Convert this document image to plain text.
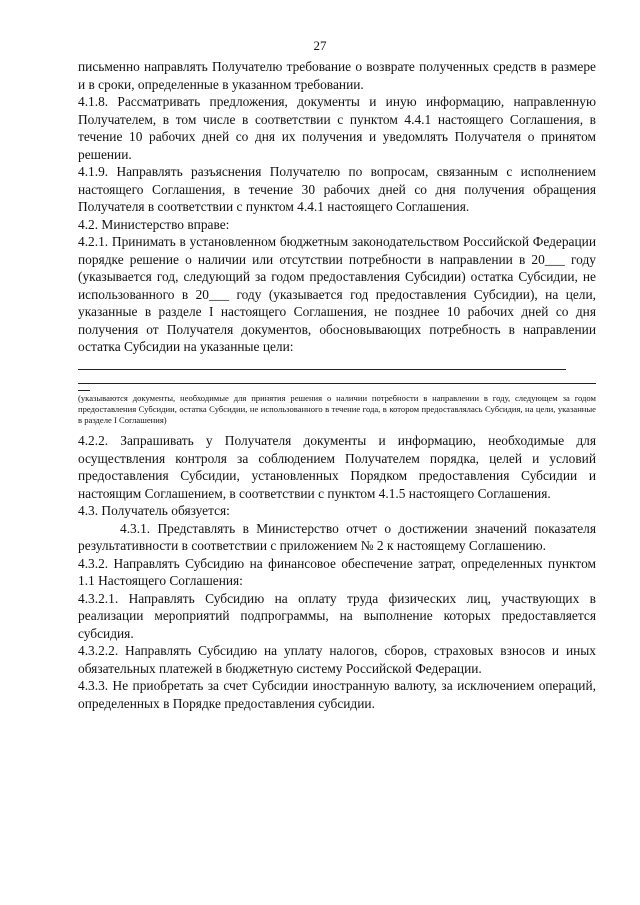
27

письменно направлять Получателю требование о возврате полученных средств в размере и в сроки, определенные в указанном требовании.

4.1.8. Рассматривать предложения, документы и иную информацию, направленную Получателем, в том числе в соответствии с пунктом 4.4.1 настоящего Соглашения, в течение 10 рабочих дней со дня их получения и уведомлять Получателя о принятом решении.

4.1.9. Направлять разъяснения Получателю по вопросам, связанным с исполнением настоящего Соглашения, в течение 30 рабочих дней со дня получения обращения Получателя в соответствии с пунктом 4.4.1 настоящего Соглашения.

4.2. Министерство вправе:

4.2.1. Принимать в установленном бюджетным законодательством Российской Федерации порядке решение о наличии или отсутствии потребности в направлении в 20___ году (указывается год, следующий за годом предоставления Субсидии) остатка Субсидии, не использованного в 20___ году (указывается год предоставления Субсидии), на цели, указанные в разделе I настоящего Соглашения, не позднее 10 рабочих дней со дня получения от Получателя документов, обосновывающих потребность в направлении остатка Субсидии на указанные цели:

(указываются документы, необходимые для принятия решения о наличии потребности в направлении в году, следующем за годом предоставления Субсидии, остатка Субсидии, не использованного в течение года, в котором предоставлялась Субсидия, на цели, указанные в разделе I Соглашения)

4.2.2. Запрашивать у Получателя документы и информацию, необходимые для осуществления контроля за соблюдением Получателем порядка, целей и условий предоставления Субсидии, установленных Порядком предоставления Субсидии и настоящим Соглашением, в соответствии с пунктом 4.1.5 настоящего Соглашения.

4.3. Получатель обязуется:

4.3.1. Представлять в Министерство отчет о достижении значений показателя результативности в соответствии с приложением № 2 к настоящему Соглашению.

4.3.2. Направлять Субсидию на финансовое обеспечение затрат, определенных пунктом 1.1 Настоящего Соглашения:

4.3.2.1. Направлять Субсидию на оплату труда физических лиц, участвующих в реализации мероприятий подпрограммы, на выполнение которых предоставляется субсидия.

4.3.2.2. Направлять Субсидию на уплату налогов, сборов, страховых взносов и иных обязательных платежей в бюджетную систему Российской Федерации.

4.3.3. Не приобретать за счет Субсидии иностранную валюту, за исключением операций, определенных в Порядке предоставления субсидии.
